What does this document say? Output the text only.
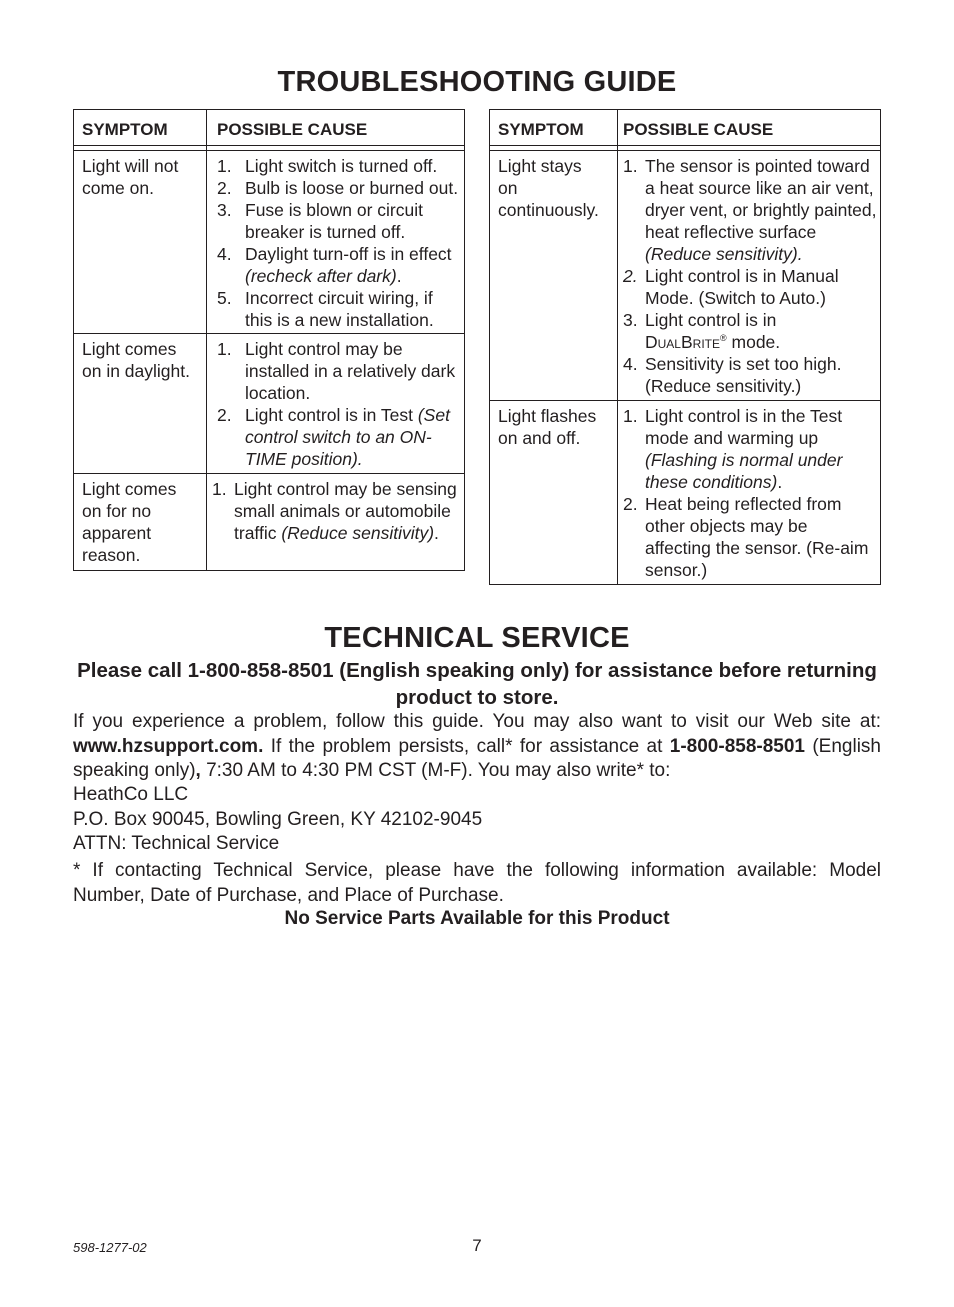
TROUBLESHOOTING GUIDE
SYMPTOM	POSSIBLE CAUSE
Light will not come on.
1. Light switch is turned off.
2. Bulb is loose or burned out.
3. Fuse is blown or circuit breaker is turned off.
4. Daylight turn-off is in effect (recheck after dark).
5. Incorrect circuit wiring, if this is a new installation.
Light comes on in daylight.
1. Light control may be installed in a relatively dark location.
2. Light control is in Test (Set control switch to an ON-TIME position).
Light comes on for no apparent reason.
1. Light control may be sensing small animals or automobile traffic (Reduce sensitivity).
SYMPTOM POSSIBLE CAUSE
Light stays on continuously.
1. The sensor is pointed toward a heat source like an air vent, dryer vent, or brightly painted, heat reflective surface (Reduce sensitivity).
2. Light control is in Manual Mode. (Switch to Auto.)
3. Light control is in
DualBrite® mode.
4. Sensitivity is set too high. (Reduce sensitivity.)
Light flashes on and off.
1. Light control is in the Test mode and warming up (Flashing is normal under these conditions).
2. Heat being reflected from other objects may be affecting the sensor. (Re-aim sensor.)
TECHNICAL SERVICE
Please call 1-800-858-8501 (English speaking only) for assistance before returning product to store.
If you experience a problem, follow this guide. You may also want to visit our Web site at: www.hzsupport.com. If the problem persists, call* for assistance at 1-800-858-8501 (English speaking only), 7:30 AM to 4:30 PM CST (M-F). You may also write* to:
HeathCo LLC
P.O. Box 90045, Bowling Green, KY 42102-9045
ATTN: Technical Service
* If contacting Technical Service, please have the following information available: Model Number, Date of Purchase, and Place of Purchase.
No Service Parts Available for this Product
598-1277-02	7
